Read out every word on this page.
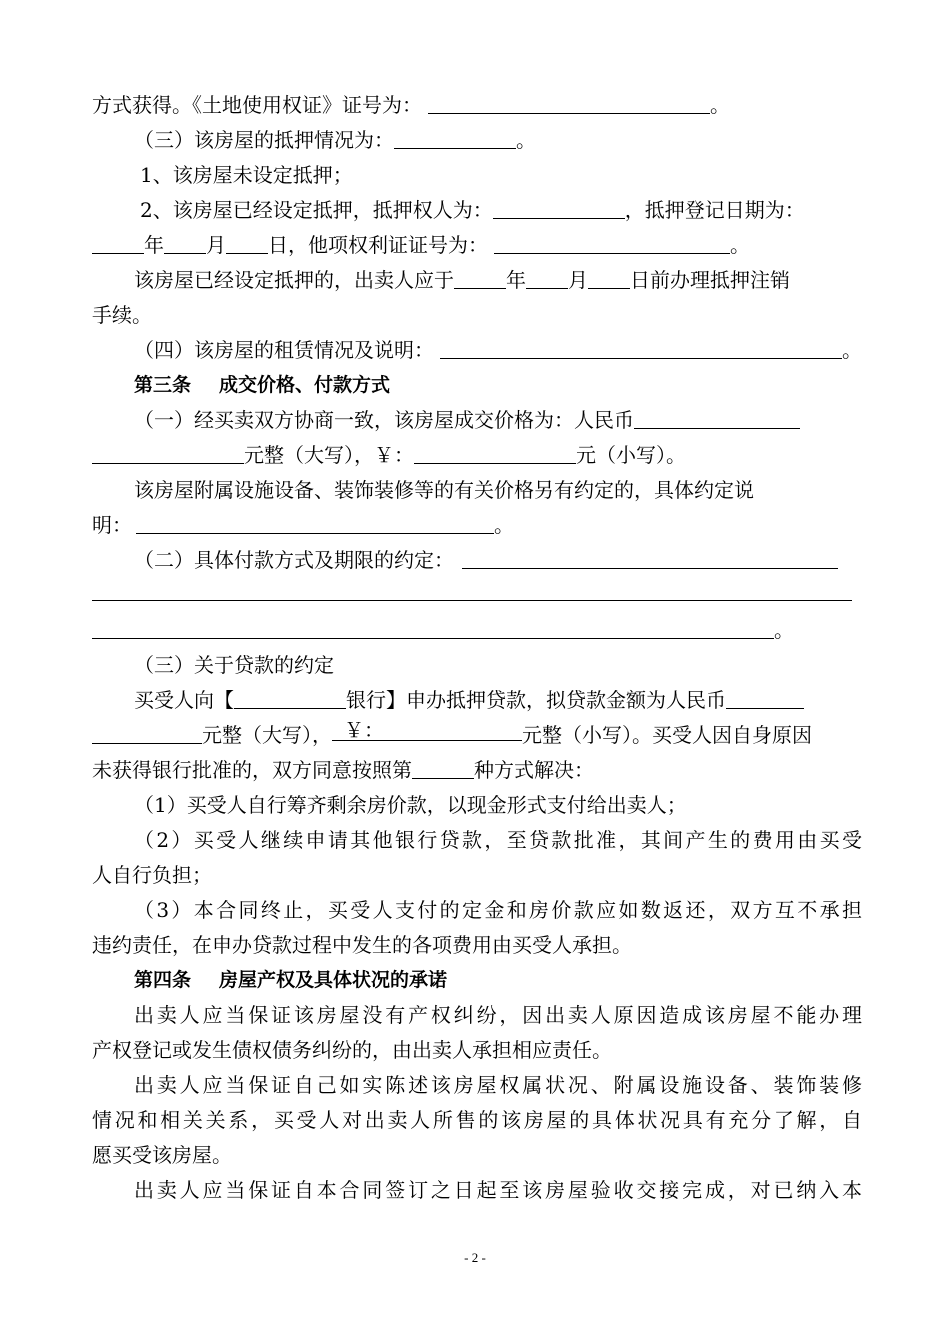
方式获得。《土地使用权证》证号为：	。
（三）该房屋的抵押情况为：	。
1、该房屋未设定抵押；
2、该房屋已经设定抵押，抵押权人为：	，抵押登记日期为：
年 月 日，他项权利证证号为：	。
该房屋已经设定抵押的，出卖人应于	年 月 日前办理抵押注销
手续。
（四）该房屋的租赁情况及说明：	。
第三条 成交价格、付款方式
（一）经买卖双方协商一致，该房屋成交价格为：人民币
元整（大写），￥：	元（小写）。
该房屋附属设施设备、装饰装修等的有关价格另有约定的，具体约定说
明：	。
（二）具体付款方式及期限的约定：
。
（三）关于贷款的约定
买受人向【	银行】申办抵押贷款，拟贷款金额为人民币
元整（大写）， ￥：	元整（小写）。买受人因自身原因
未获得银行批准的，双方同意按照第	种方式解决：
（1）买受人自行筹齐剩余房价款，以现金形式支付给出卖人；
（2）买受人继续申请其他银行贷款，至贷款批准，其间产生的费用由买受
人自行负担；
（3）本合同终止，买受人支付的定金和房价款应如数返还，双方互不承担
违约责任，在申办贷款过程中发生的各项费用由买受人承担。
第四条 房屋产权及具体状况的承诺
出卖人应当保证该房屋没有产权纠纷，因出卖人原因造成该房屋不能办理
产权登记或发生债权债务纠纷的，由出卖人承担相应责任。
出卖人应当保证自己如实陈述该房屋权属状况、附属设施设备、装饰装修
情况和相关关系，买受人对出卖人所售的该房屋的具体状况具有充分了解，自
愿买受该房屋。
出卖人应当保证自本合同签订之日起至该房屋验收交接完成，对已纳入本
- 2 -
